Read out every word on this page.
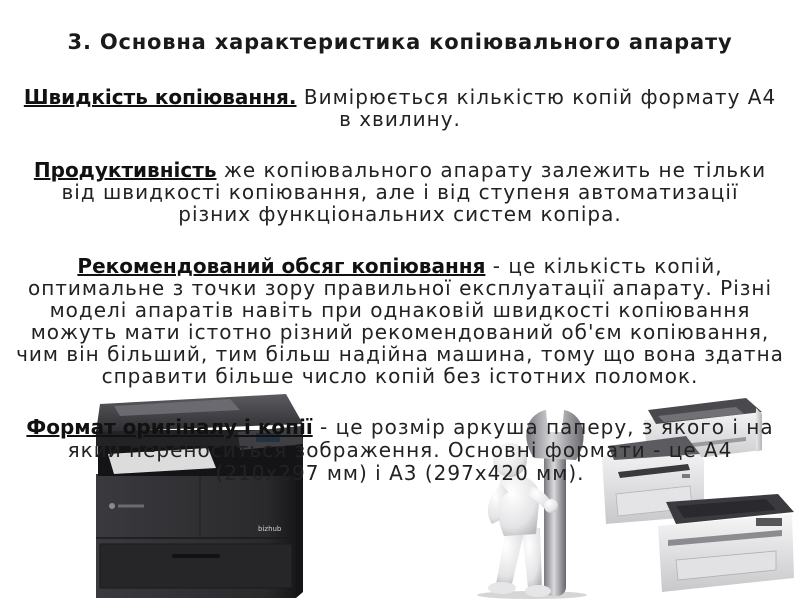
3. Основна характеристика копіювального апарату

Швидкість копіювання. Вимірюється кількістю копій формату А4 в хвилину.

Продуктивність же копіювального апарату залежить не тільки від швидкості копіювання, але і від ступеня автоматизації
різних функціональних систем копіра.

Рекомендований обсяг копіювання - це кількість копій, оптимальне з точки зору правильної експлуатації апарату. Різні моделі апаратів навіть при однаковій швидкості копіювання можуть мати істотно різний рекомендований об'єм копіювання, чим він більший, тим більш надійна машина, тому що вона здатна справити більше число копій без істотних поломок.

Формат оригіналу і копії - це розмір аркуша паперу, з якого і на який переноситься зображення. Основні формати - це А4 (210x297 мм) і А3 (297x420 мм).

bizhub
